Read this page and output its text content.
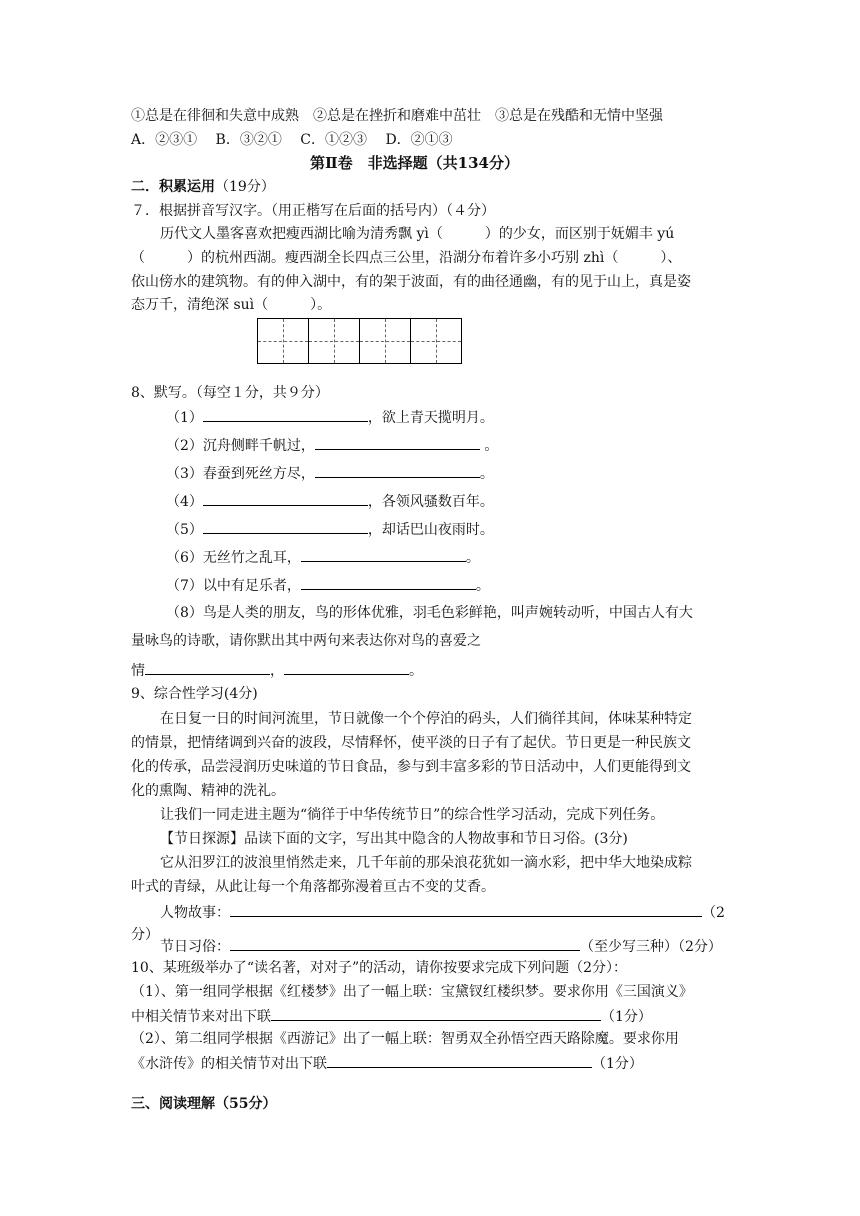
①总是在徘徊和失意中成熟　②总是在挫折和磨难中茁壮　③总是在残酷和无情中坚强
A．②③①　 B．③②①　 C．①②③　 D．②①③
第Ⅱ卷　非选择题（共134分）
二．积累运用（19分）
７．根据拼音写汉字。（用正楷写在后面的括号内）（４分）
历代文人墨客喜欢把瘦西湖比喻为清秀飘 yì（　　　）的少女，而区别于妩媚丰 yú
（　　　）的杭州西湖。瘦西湖全长四点三公里，沿湖分布着许多小巧别 zhì（　　　）、
依山傍水的建筑物。有的伸入湖中，有的架于波面，有的曲径通幽，有的见于山上，真是姿
态万千，清绝深 suì（　　　）。
8、默写。（每空１分，共９分）
（1）	，欲上青天揽明月。
（2）沉舟侧畔千帆过，	。
（3）春蚕到死丝方尽，	。
（4）	，各领风骚数百年。
（5）	，却话巴山夜雨时。
（6）无丝竹之乱耳，	。
（7）以中有足乐者，	。
（8）鸟是人类的朋友，鸟的形体优雅，羽毛色彩鲜艳，叫声婉转动听，中国古人有大
量咏鸟的诗歌，请你默出其中两句来表达你对鸟的喜爱之
情	，	。
9、综合性学习(4分)
在日复一日的时间河流里，节日就像一个个停泊的码头，人们徜徉其间，体味某种特定
的情景，把情绪调到兴奋的波段，尽情释怀，使平淡的日子有了起伏。节日更是一种民族文
化的传承，品尝浸润历史味道的节日食品，参与到丰富多彩的节日活动中，人们更能得到文
化的熏陶、精神的洗礼。
让我们一同走进主题为“徜徉于中华传统节日”的综合性学习活动，完成下列任务。
【节日探源】品读下面的文字，写出其中隐含的人物故事和节日习俗。(3分)
它从汨罗江的波浪里悄然走来，几千年前的那朵浪花犹如一滴水彩，把中华大地染成粽
叶式的青绿，从此让每一个角落都弥漫着亘古不变的艾香。
人物故事：	（2
分）
节日习俗：	（至少写三种）（2分）
10、某班级举办了“读名著，对对子”的活动，请你按要求完成下列问题（2分）：
（1）、第一组同学根据《红楼梦》出了一幅上联：宝黛钗红楼织梦。要求你用《三国演义》
中相关情节来对出下联	（1分）
（2）、第二组同学根据《西游记》出了一幅上联：智勇双全孙悟空西天路除魔。要求你用
《水浒传》的相关情节对出下联	（1分）
三、阅读理解（55分）
